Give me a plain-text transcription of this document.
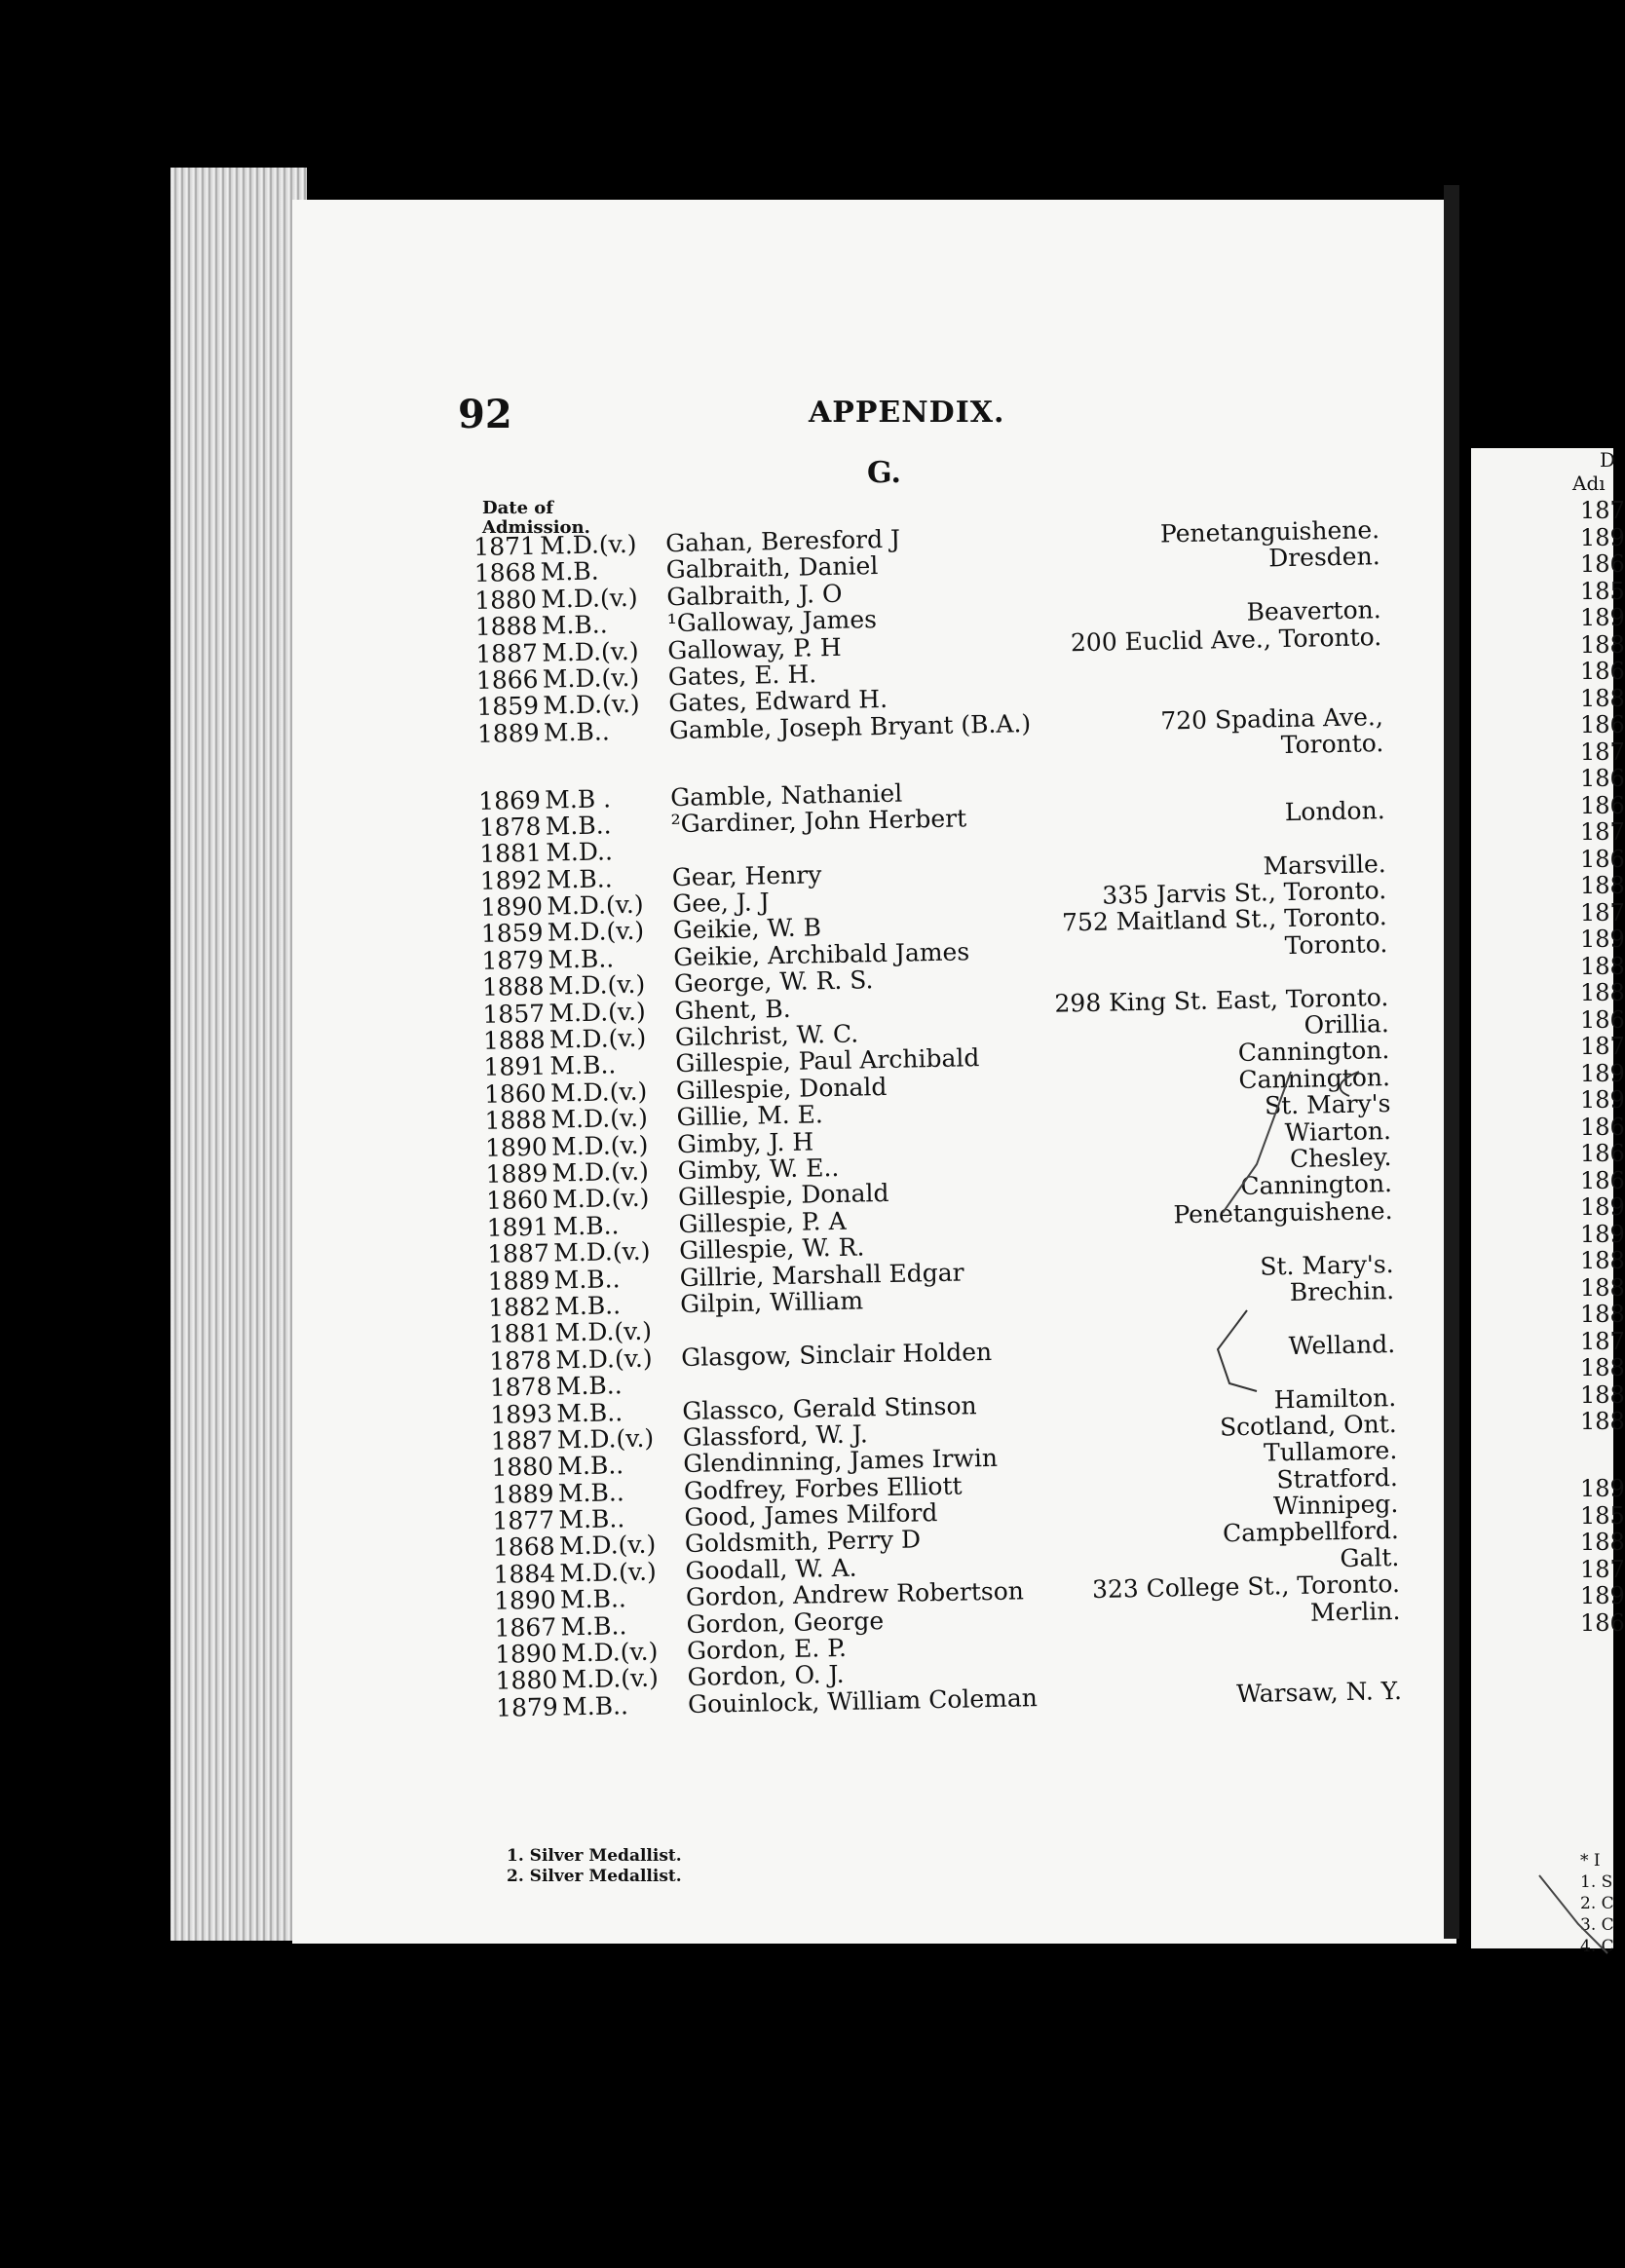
D
Adı
187
189
186
185
189
188
186
188
186
187
186
186
187
186
188
187
189
188
188
186
187
189
189
186
186
186
189
189
188
188
188
187
188
188
188
189
185
188
187
189
186
* I
1. S
2. C
3. C
4. C
92	APPENDIX.
G.
Date of
Admission.
1871 M.D.(v.)	Gahan, Beresford J	Penetanguishene.
1868 M.B.	Galbraith, Daniel	Dresden.
1880 M.D.(v.)	Galbraith, J. O
1888 M.B..	¹Galloway, James	Beaverton.
1887 M.D.(v.)	Galloway, P. H	200 Euclid Ave., Toronto.
1866 M.D.(v.)	Gates, E. H.
1859 M.D.(v.)	Gates, Edward H.
1889 M.B..	Gamble, Joseph Bryant (B.A.)	720 Spadina Ave.,
Toronto.
1869 M.B .	Gamble, Nathaniel
1878 M.B..	²Gardiner, John Herbert	London.
1881 M.D..
1892 M.B..	Gear, Henry	Marsville.
1890 M.D.(v.)	Gee, J. J	335 Jarvis St., Toronto.
1859 M.D.(v.)	Geikie, W. B	752 Maitland St., Toronto.
1879 M.B..	Geikie, Archibald James	Toronto.
1888 M.D.(v.)	George, W. R. S.
1857 M.D.(v.)	Ghent, B.	298 King St. East, Toronto.
1888 M.D.(v.)	Gilchrist, W. C.	Orillia.
1891 M.B..	Gillespie, Paul Archibald	Cannington.
1860 M.D.(v.)	Gillespie, Donald	Cannington.
1888 M.D.(v.)	Gillie, M. E.	St. Mary's
1890 M.D.(v.)	Gimby, J. H	Wiarton.
1889 M.D.(v.)	Gimby, W. E..	Chesley.
1860 M.D.(v.)	Gillespie, Donald	Cannington.
1891 M.B..	Gillespie, P. A	Penetanguishene.
1887 M.D.(v.)	Gillespie, W. R.
1889 M.B..	Gillrie, Marshall Edgar	St. Mary's.
1882 M.B..	Gilpin, William	Brechin.
1881 M.D.(v.)
1878 M.D.(v.)	Glasgow, Sinclair Holden	Welland.
1878 M.B..
1893 M.B..	Glassco, Gerald Stinson	Hamilton.
1887 M.D.(v.)	Glassford, W. J.	Scotland, Ont.
1880 M.B..	Glendinning, James Irwin	Tullamore.
1889 M.B..	Godfrey, Forbes Elliott	Stratford.
1877 M.B..	Good, James Milford	Winnipeg.
1868 M.D.(v.)	Goldsmith, Perry D	Campbellford.
1884 M.D.(v.)	Goodall, W. A.	Galt.
1890 M.B..	Gordon, Andrew Robertson	323 College St., Toronto.
1867 M.B..	Gordon, George	Merlin.
1890 M.D.(v.)	Gordon, E. P.
1880 M.D.(v.)	Gordon, O. J.
1879 M.B..	Gouinlock, William Coleman	Warsaw, N. Y.
1. Silver Medallist.
2. Silver Medallist.
